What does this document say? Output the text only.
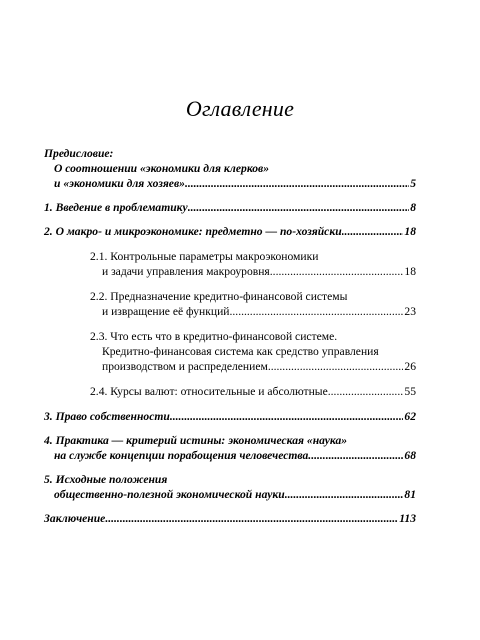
Оглавление
Предисловие:
О соотношении «экономики для клерков»
и «экономики для хозяев» .....	5
1. Введение в проблематику .....	8
2. О макро- и микроэкономике: предметно — по-хозяйски .....	18
2.1. Контрольные параметры макроэкономики
и задачи управления макроуровня .....	18
2.2. Предназначение кредитно-финансовой системы
и извращение её функций .....	23
2.3. Что есть что в кредитно-финансовой системе.
Кредитно-финансовая система как средство управления
производством и распределением .....	26
2.4. Курсы валют: относительные и абсолютные .....	55
3. Право собственности .....	62
4. Практика — критерий истины: экономическая «наука»
на службе концепции порабощения человечества .....	68
5. Исходные положения
общественно-полезной экономической науки .....	81
Заключение .....	113
